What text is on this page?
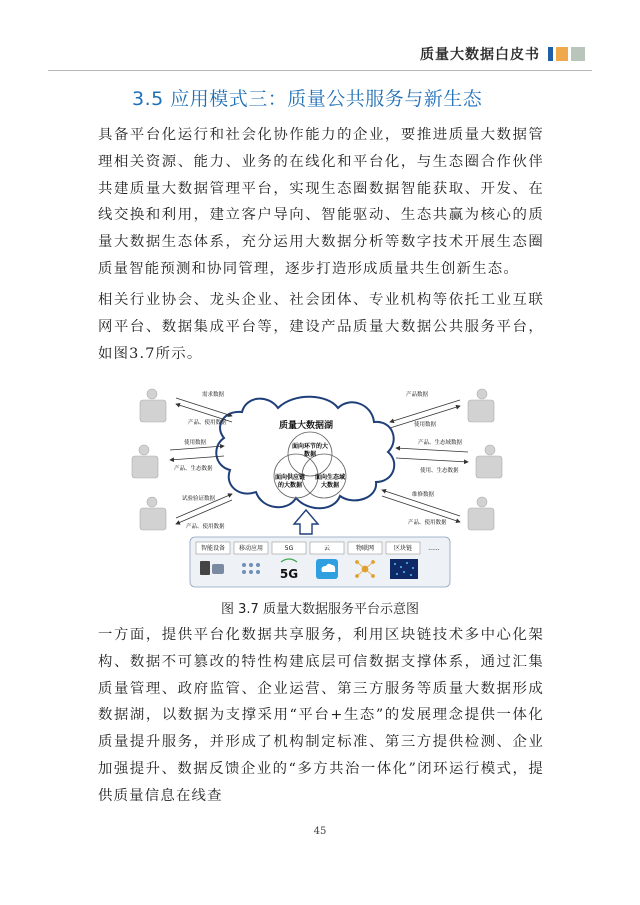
质量大数据白皮书
3.5 应用模式三：质量公共服务与新生态

具备平台化运行和社会化协作能力的企业，要推进质量大数据管理相关资源、能力、业务的在线化和平台化，与生态圈合作伙伴共建质量大数据管理平台，实现生态圈数据智能获取、开发、在线交换和利用，建立客户导向、智能驱动、生态共赢为核心的质量大数据生态体系，充分运用大数据分析等数字技术开展生态圈质量智能预测和协同管理，逐步打造形成质量共生创新生态。

相关行业协会、龙头企业、社会团体、专业机构等依托工业互联网平台、数据集成平台等，建设产品质量大数据公共服务平台，如图3.7所示。

质量大数据湖
面向环节的大
数据
面向供应链
的大数据
面向生态域
大数据
需求数据
产品、使用数据
使用数据
产品、生态数据
试验验证数据
产品、使用数据
产品数据
使用数据
产品、生态域数据
使用、生态数据
维修数据
产品、使用数据
智能设备 移动应用	5G	云	物联网	区块链	......
5G
图 3.7 质量大数据服务平台示意图

一方面，提供平台化数据共享服务，利用区块链技术多中心化架构、数据不可篡改的特性构建底层可信数据支撑体系，通过汇集质量管理、政府监管、企业运营、第三方服务等质量大数据形成数据湖，以数据为支撑采用“平台+生态”的发展理念提供一体化质量提升服务，并形成了机构制定标准、第三方提供检测、企业加强提升、数据反馈企业的“多方共治一体化”闭环运行模式，提供质量信息在线查

45
